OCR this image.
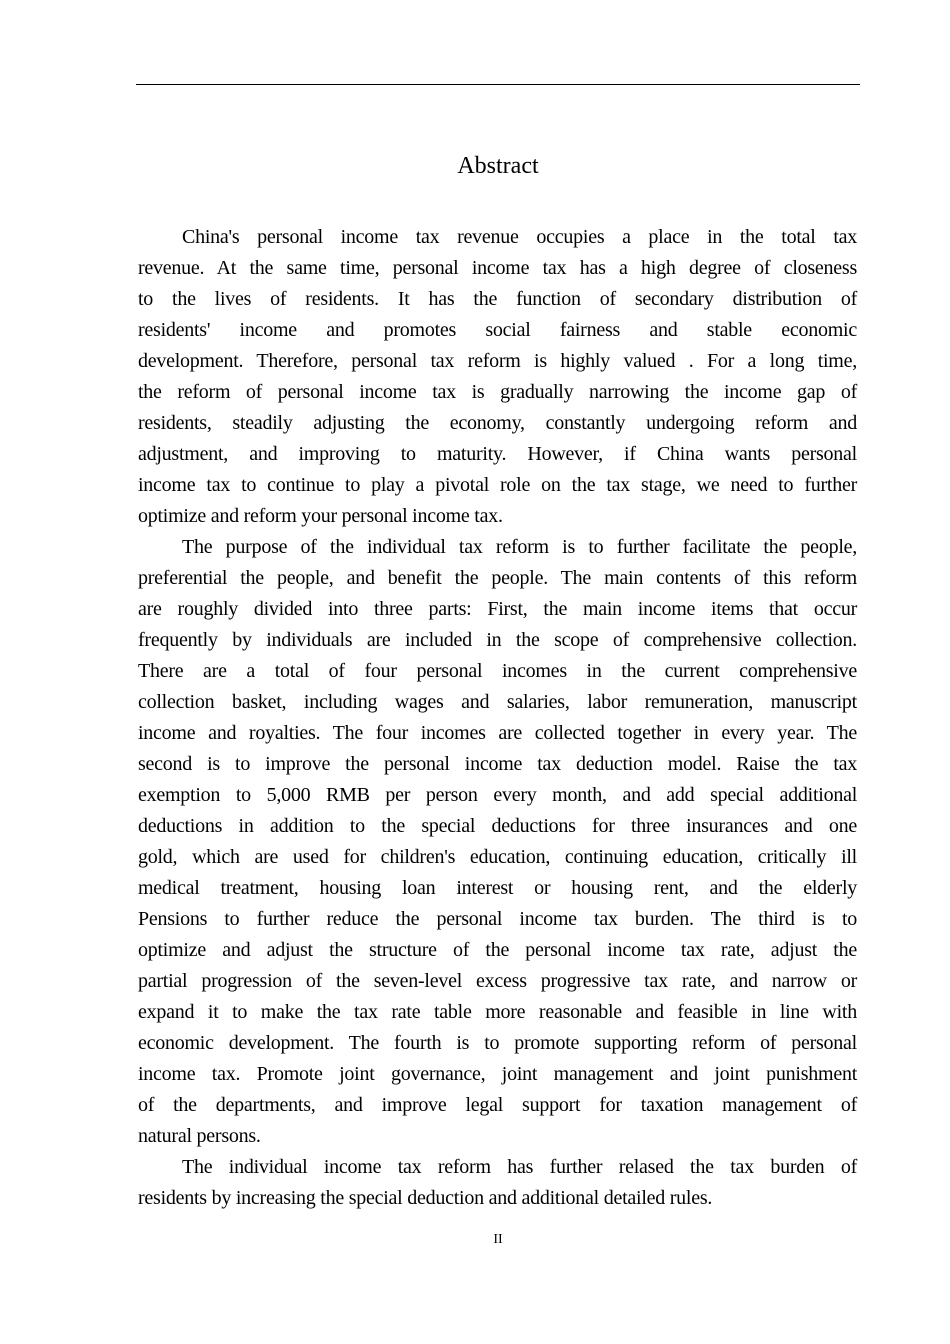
Abstract
China's personal income tax revenue occupies a place in the total tax
revenue. At the same time, personal income tax has a high degree of closeness
to the lives of residents. It has the function of secondary distribution of
residents' income and promotes social fairness and stable economic
development. Therefore, personal tax reform is highly valued . For a long time,
the reform of personal income tax is gradually narrowing the income gap of
residents, steadily adjusting the economy, constantly undergoing reform and
adjustment, and improving to maturity. However, if China wants personal
income tax to continue to play a pivotal role on the tax stage, we need to further
optimize and reform your personal income tax.
The purpose of the individual tax reform is to further facilitate the people,
preferential the people, and benefit the people. The main contents of this reform
are roughly divided into three parts: First, the main income items that occur
frequently by individuals are included in the scope of comprehensive collection.
There are a total of four personal incomes in the current comprehensive
collection basket, including wages and salaries, labor remuneration, manuscript
income and royalties. The four incomes are collected together in every year. The
second is to improve the personal income tax deduction model. Raise the tax
exemption to 5,000 RMB per person every month, and add special additional
deductions in addition to the special deductions for three insurances and one
gold, which are used for children's education, continuing education, critically ill
medical treatment, housing loan interest or housing rent, and the elderly
Pensions to further reduce the personal income tax burden. The third is to
optimize and adjust the structure of the personal income tax rate, adjust the
partial progression of the seven-level excess progressive tax rate, and narrow or
expand it to make the tax rate table more reasonable and feasible in line with
economic development. The fourth is to promote supporting reform of personal
income tax. Promote joint governance, joint management and joint punishment
of the departments, and improve legal support for taxation management of
natural persons.
The individual income tax reform has further relased the tax burden of
residents by increasing the special deduction and additional detailed rules.
II
